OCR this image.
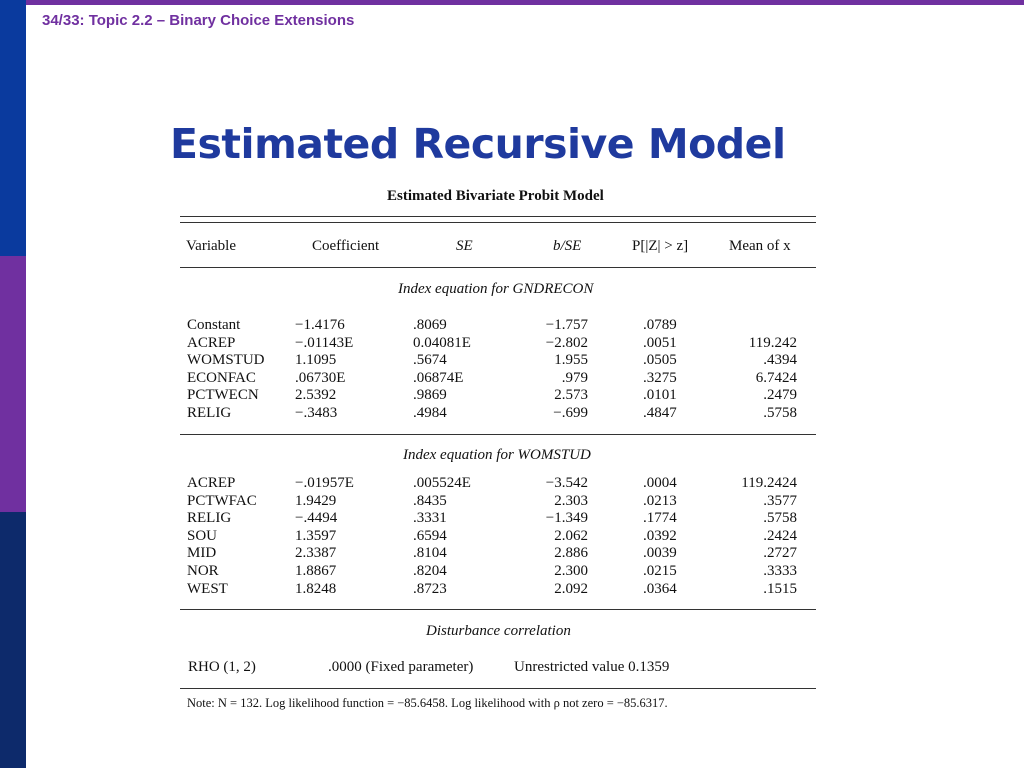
34/33: Topic 2.2 – Binary Choice Extensions
Estimated Recursive Model
Estimated Bivariate Probit Model
Variable	Coefficient	SE	b/SE	P[|Z| > z]	Mean of x
Index equation for GNDRECON
Constant	−1.4176	.8069	−1.757	.0789
ACREP	−.01143E	0.04081E	−2.802	.0051	119.242
WOMSTUD 1.1095	.5674	1.955	.0505	.4394
ECONFAC	.06730E	.06874E	.979	.3275	6.7424
PCTWECN 2.5392	.9869	2.573	.0101	.2479
RELIG	−.3483	.4984	−.699	.4847	.5758
Index equation for WOMSTUD
ACREP	−.01957E	.005524E	−3.542	.0004	119.2424
PCTWFAC	1.9429	.8435	2.303	.0213	.3577
RELIG	−.4494	.3331	−1.349	.1774	.5758
SOU	1.3597	.6594	2.062	.0392	.2424
MID	2.3387	.8104	2.886	.0039	.2727
NOR	1.8867	.8204	2.300	.0215	.3333
WEST	1.8248	.8723	2.092	.0364	.1515
Disturbance correlation
RHO (1, 2)	.0000 (Fixed parameter)	Unrestricted value 0.1359
Note: N = 132. Log likelihood function = −85.6458. Log likelihood with ρ not zero = −85.6317.
